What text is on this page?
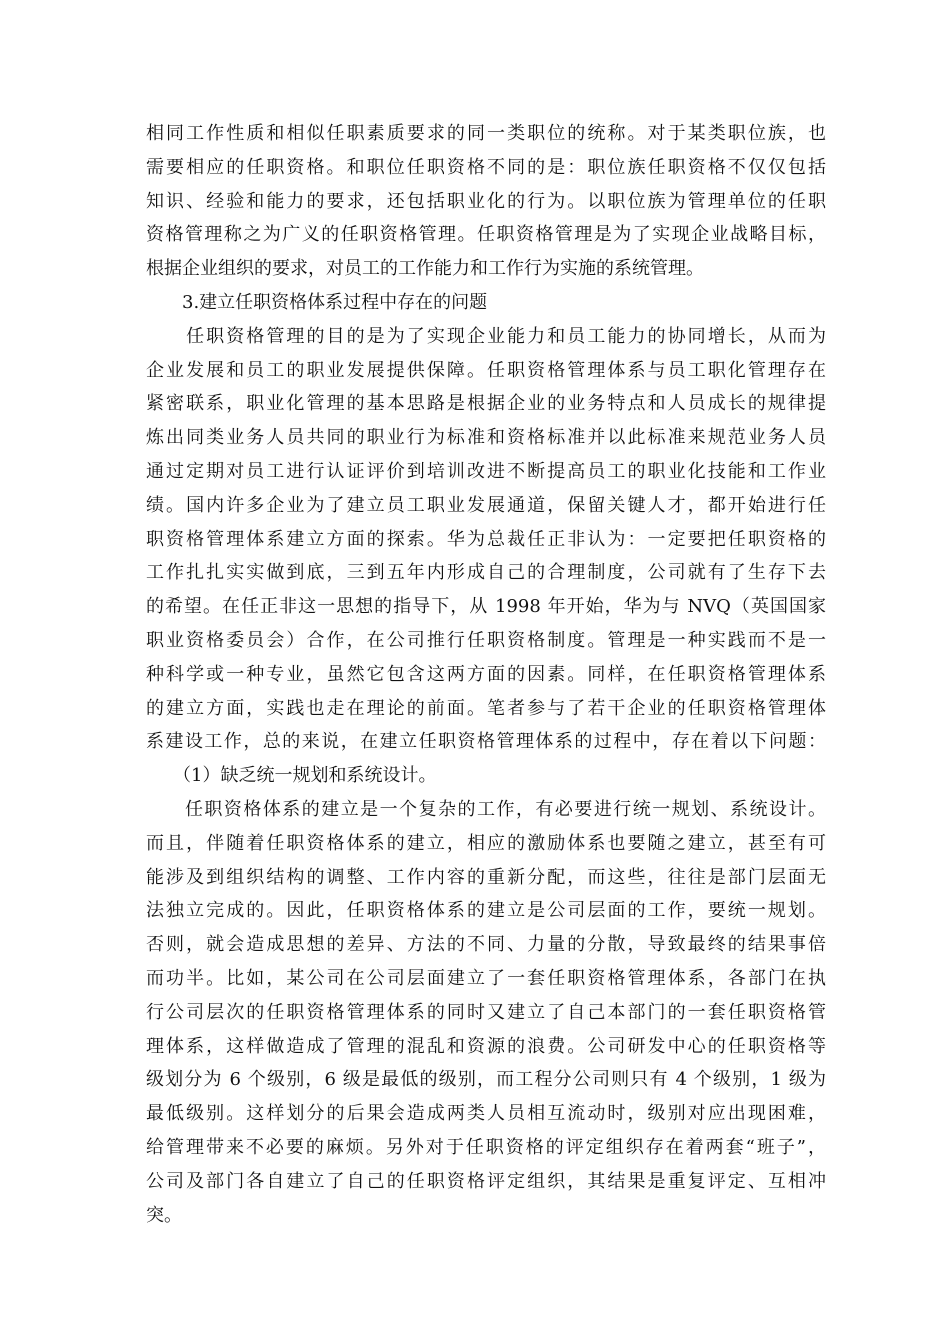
相同工作性质和相似任职素质要求的同一类职位的统称。对于某类职位族，也
需要相应的任职资格。和职位任职资格不同的是：职位族任职资格不仅仅包括
知识、经验和能力的要求，还包括职业化的行为。以职位族为管理单位的任职
资格管理称之为广义的任职资格管理。任职资格管理是为了实现企业战略目标，
根据企业组织的要求，对员工的工作能力和工作行为实施的系统管理。
　　3.建立任职资格体系过程中存在的问题
　　任职资格管理的目的是为了实现企业能力和员工能力的协同增长，从而为
企业发展和员工的职业发展提供保障。任职资格管理体系与员工职化管理存在
紧密联系，职业化管理的基本思路是根据企业的业务特点和人员成长的规律提
炼出同类业务人员共同的职业行为标准和资格标准并以此标准来规范业务人员
通过定期对员工进行认证评价到培训改进不断提高员工的职业化技能和工作业
绩。国内许多企业为了建立员工职业发展通道，保留关键人才，都开始进行任
职资格管理体系建立方面的探索。华为总裁任正非认为：一定要把任职资格的
工作扎扎实实做到底，三到五年内形成自己的合理制度，公司就有了生存下去
的希望。在任正非这一思想的指导下，从 1998 年开始，华为与 NVQ（英国国家
职业资格委员会）合作，在公司推行任职资格制度。管理是一种实践而不是一
种科学或一种专业，虽然它包含这两方面的因素。同样，在任职资格管理体系
的建立方面，实践也走在理论的前面。笔者参与了若干企业的任职资格管理体
系建设工作，总的来说，在建立任职资格管理体系的过程中，存在着以下问题：
　　（1）缺乏统一规划和系统设计。
　　任职资格体系的建立是一个复杂的工作，有必要进行统一规划、系统设计。
而且，伴随着任职资格体系的建立，相应的激励体系也要随之建立，甚至有可
能涉及到组织结构的调整、工作内容的重新分配，而这些，往往是部门层面无
法独立完成的。因此，任职资格体系的建立是公司层面的工作，要统一规划。
否则，就会造成思想的差异、方法的不同、力量的分散，导致最终的结果事倍
而功半。比如，某公司在公司层面建立了一套任职资格管理体系，各部门在执
行公司层次的任职资格管理体系的同时又建立了自己本部门的一套任职资格管
理体系，这样做造成了管理的混乱和资源的浪费。公司研发中心的任职资格等
级划分为 6 个级别，6 级是最低的级别，而工程分公司则只有 4 个级别，1 级为
最低级别。这样划分的后果会造成两类人员相互流动时，级别对应出现困难，
给管理带来不必要的麻烦。另外对于任职资格的评定组织存在着两套“班子”，
公司及部门各自建立了自己的任职资格评定组织，其结果是重复评定、互相冲
突。
